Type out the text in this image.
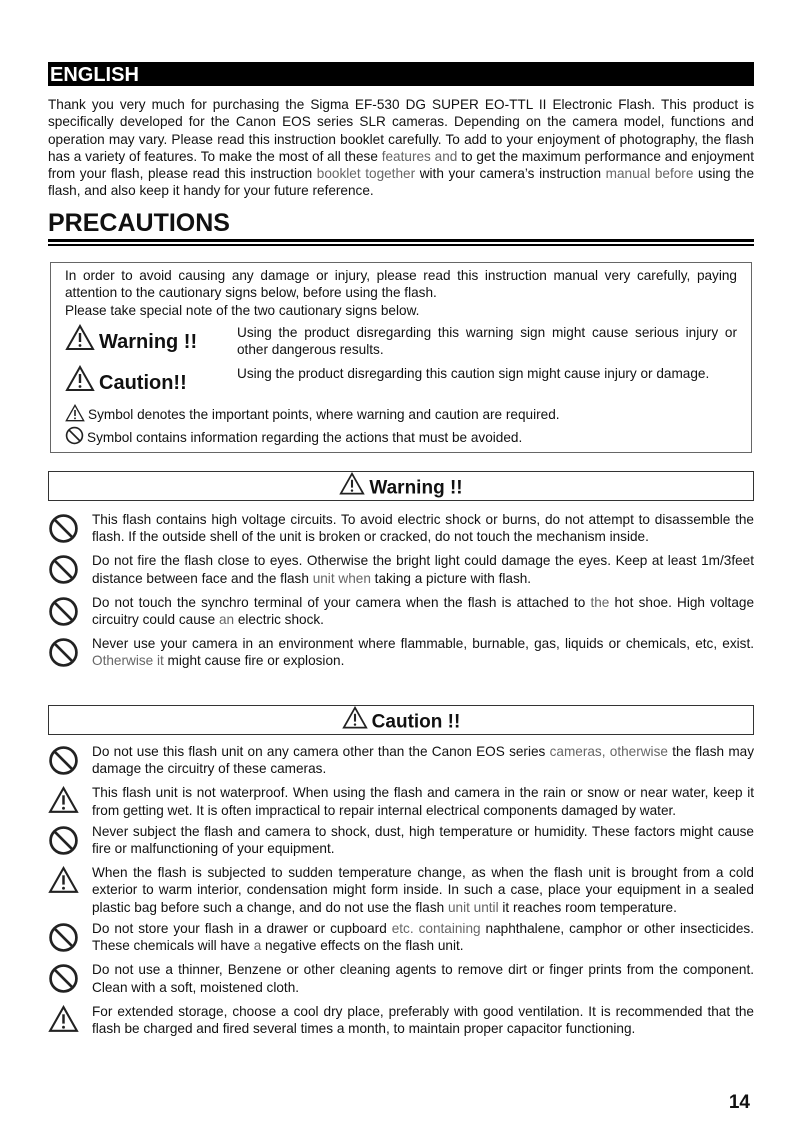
ENGLISH
Thank you very much for purchasing the Sigma EF-530 DG SUPER EO-TTL II Electronic Flash. This product is specifically developed for the Canon EOS series SLR cameras. Depending on the camera model, functions and operation may vary. Please read this instruction booklet carefully. To add to your enjoyment of photography, the flash has a variety of features. To make the most of all these features and to get the maximum performance and enjoyment from your flash, please read this instruction booklet together with your camera’s instruction manual before using the flash, and also keep it handy for your future reference.
PRECAUTIONS

In order to avoid causing any damage or injury, please read this instruction manual very carefully, paying attention to the cautionary signs below, before using the flash.

Please take special note of the two cautionary signs below.

Warning !!	Using the product disregarding this warning sign might cause serious injury or other dangerous results.
Caution!!	Using the product disregarding this caution sign might cause injury or damage.
Symbol denotes the important points, where warning and caution are required.
Symbol contains information regarding the actions that must be avoided.
Warning !!
This flash contains high voltage circuits. To avoid electric shock or burns, do not attempt to disassemble the flash. If the outside shell of the unit is broken or cracked, do not touch the mechanism inside.
Do not fire the flash close to eyes. Otherwise the bright light could damage the eyes. Keep at least 1m/3feet distance between face and the flash unit when taking a picture with flash.
Do not touch the synchro terminal of your camera when the flash is attached to the hot shoe. High voltage circuitry could cause an electric shock.
Never use your camera in an environment where flammable, burnable, gas, liquids or chemicals, etc, exist. Otherwise it might cause fire or explosion.
Caution !!
Do not use this flash unit on any camera other than the Canon EOS series cameras, otherwise the flash may damage the circuitry of these cameras.
This flash unit is not waterproof. When using the flash and camera in the rain or snow or near water, keep it from getting wet. It is often impractical to repair internal electrical components damaged by water.
Never subject the flash and camera to shock, dust, high temperature or humidity. These factors might cause fire or malfunctioning of your equipment.
When the flash is subjected to sudden temperature change, as when the flash unit is brought from a cold exterior to warm interior, condensation might form inside. In such a case, place your equipment in a sealed plastic bag before such a change, and do not use the flash unit until it reaches room temperature.
Do not store your flash in a drawer or cupboard etc. containing naphthalene, camphor or other insecticides. These chemicals will have a negative effects on the flash unit.
Do not use a thinner, Benzene or other cleaning agents to remove dirt or finger prints from the component. Clean with a soft, moistened cloth.
For extended storage, choose a cool dry place, preferably with good ventilation. It is recommended that the flash be charged and fired several times a month, to maintain proper capacitor functioning.
14
